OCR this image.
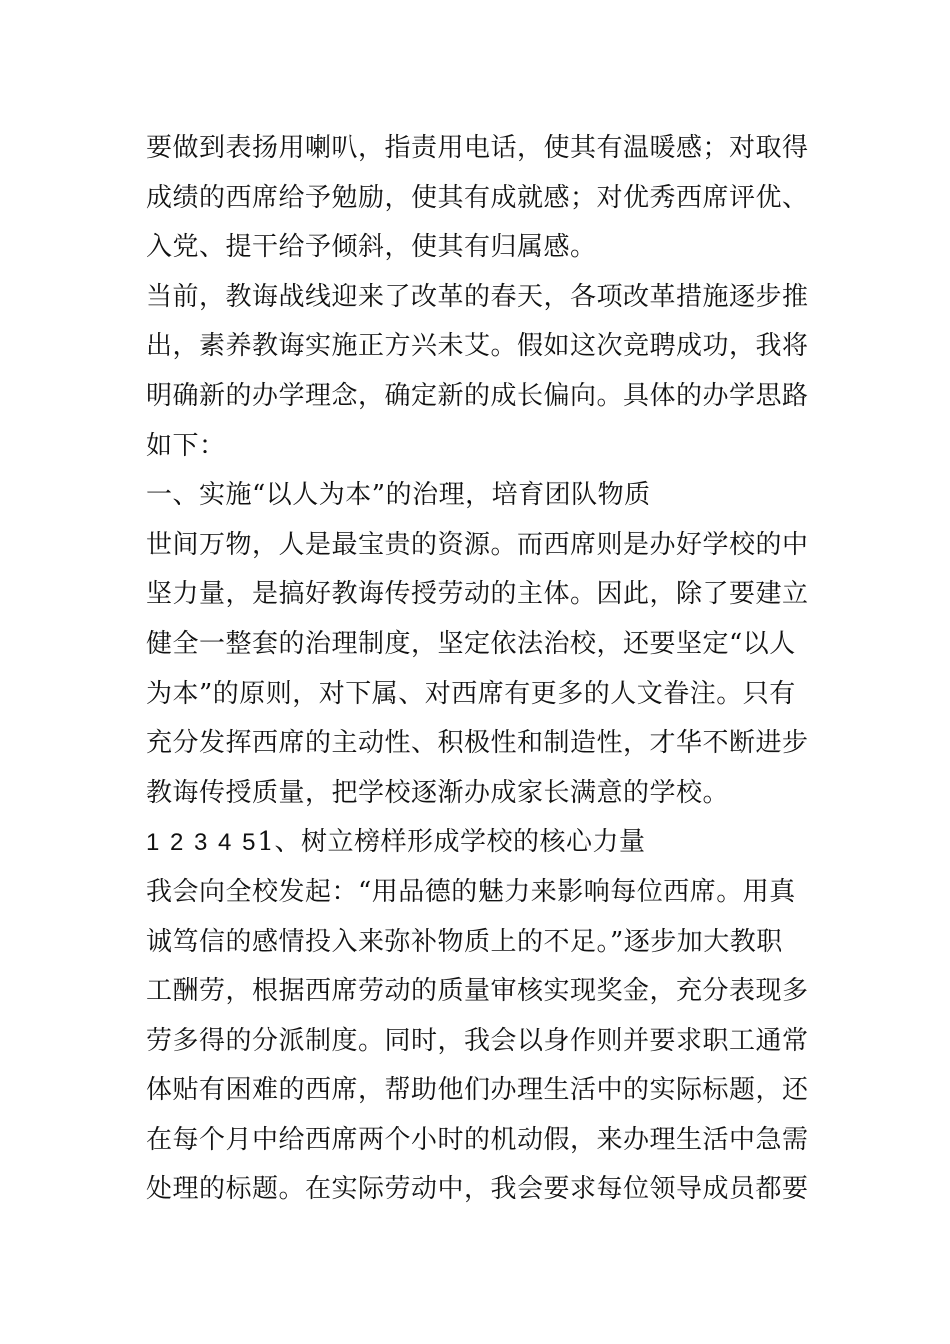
要做到表扬用喇叭，指责用电话，使其有温暖感；对取得
成绩的西席给予勉励，使其有成就感；对优秀西席评优、
入党、提干给予倾斜，使其有归属感。
当前，教诲战线迎来了改革的春天，各项改革措施逐步推
出，素养教诲实施正方兴未艾。假如这次竞聘成功，我将
明确新的办学理念，确定新的成长偏向。具体的办学思路
如下：
一、实施“以人为本”的治理，培育团队物质
世间万物，人是最宝贵的资源。而西席则是办好学校的中
坚力量，是搞好教诲传授劳动的主体。因此，除了要建立
健全一整套的治理制度，坚定依法治校，还要坚定“以人
为本”的原则，对下属、对西席有更多的人文眷注。只有
充分发挥西席的主动性、积极性和制造性，才华不断进步
教诲传授质量，把学校逐渐办成家长满意的学校。
1 2 3 4 51、树立榜样形成学校的核心力量
我会向全校发起：“用品德的魅力来影响每位西席。用真
诚笃信的感情投入来弥补物质上的不足。”逐步加大教职
工酬劳，根据西席劳动的质量审核实现奖金，充分表现多
劳多得的分派制度。同时，我会以身作则并要求职工通常
体贴有困难的西席，帮助他们办理生活中的实际标题，还
在每个月中给西席两个小时的机动假，来办理生活中急需
处理的标题。在实际劳动中，我会要求每位领导成员都要
